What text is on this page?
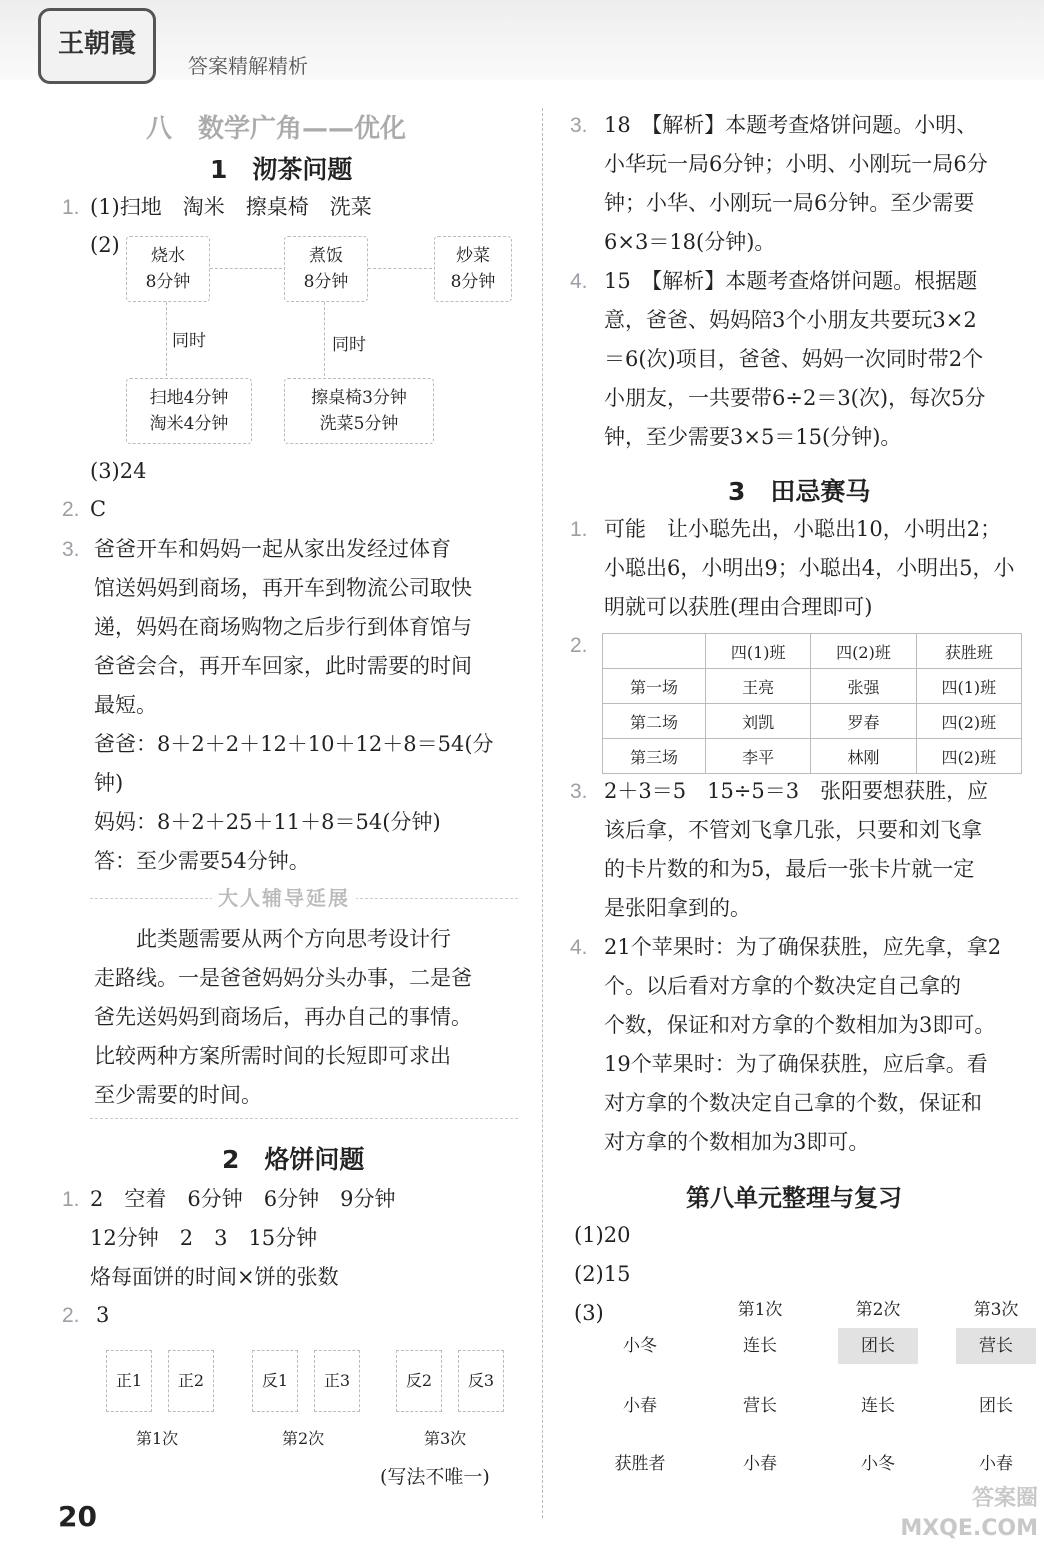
王朝霞
答案精解精析
八　数学广角——优化
1　沏茶问题
1. (1)扫地　淘米　擦桌椅　洗菜
(2)	烧水
8分钟
煮饭
8分钟
炒菜
8分钟
同时	同时
扫地4分钟
淘米4分钟
擦桌椅3分钟
洗菜5分钟
(3)24
2. C
3. 爸爸开车和妈妈一起从家出发经过体育
馆送妈妈到商场，再开车到物流公司取快
递，妈妈在商场购物之后步行到体育馆与
爸爸会合，再开车回家，此时需要的时间
最短。
爸爸：8＋2＋2＋12＋10＋12＋8＝54(分
钟)
妈妈：8＋2＋25＋11＋8＝54(分钟)
答：至少需要54分钟。
大人辅导延展
　　此类题需要从两个方向思考设计行
走路线。一是爸爸妈妈分头办事，二是爸
爸先送妈妈到商场后，再办自己的事情。
比较两种方案所需时间的长短即可求出
至少需要的时间。
2　烙饼问题
1. 2　空着　6分钟　6分钟　9分钟
12分钟　2　3　15分钟
烙每面饼的时间×饼的张数
2. 3
正1	正2	反1	正3	反2	反3
第1次	第2次	第3次
(写法不唯一)
20
3. 18　【解析】本题考查烙饼问题。小明、
小华玩一局6分钟；小明、小刚玩一局6分
钟；小华、小刚玩一局6分钟。至少需要
6×3＝18(分钟)。
4. 15　【解析】本题考查烙饼问题。根据题
意，爸爸、妈妈陪3个小朋友共要玩3×2
＝6(次)项目，爸爸、妈妈一次同时带2个
小朋友，一共要带6÷2＝3(次)，每次5分
钟，至少需要3×5＝15(分钟)。
3　田忌赛马
1. 可能　让小聪先出，小聪出10，小明出2；
小聪出6，小明出9；小聪出4，小明出5，小
明就可以获胜(理由合理即可)
2.
		四(1)班	四(2)班	获胜班
第一场	王亮	张强	四(1)班
第二场	刘凯	罗春	四(2)班
第三场	李平	林刚	四(2)班
3. 2＋3＝5　15÷5＝3　张阳要想获胜，应
该后拿，不管刘飞拿几张，只要和刘飞拿
的卡片数的和为5，最后一张卡片就一定
是张阳拿到的。
4. 21个苹果时：为了确保获胜，应先拿，拿2
个。以后看对方拿的个数决定自己拿的
个数，保证和对方拿的个数相加为3即可。
19个苹果时：为了确保获胜，应后拿。看
对方拿的个数决定自己拿的个数，保证和
对方拿的个数相加为3即可。
第八单元整理与复习
(1)20
(2)15
(3)	第1次	第2次	第3次
小冬	连长	团长	营长
小春	营长	连长	团长
获胜者	小春	小冬	小春
答案圈 MXQE.COM
